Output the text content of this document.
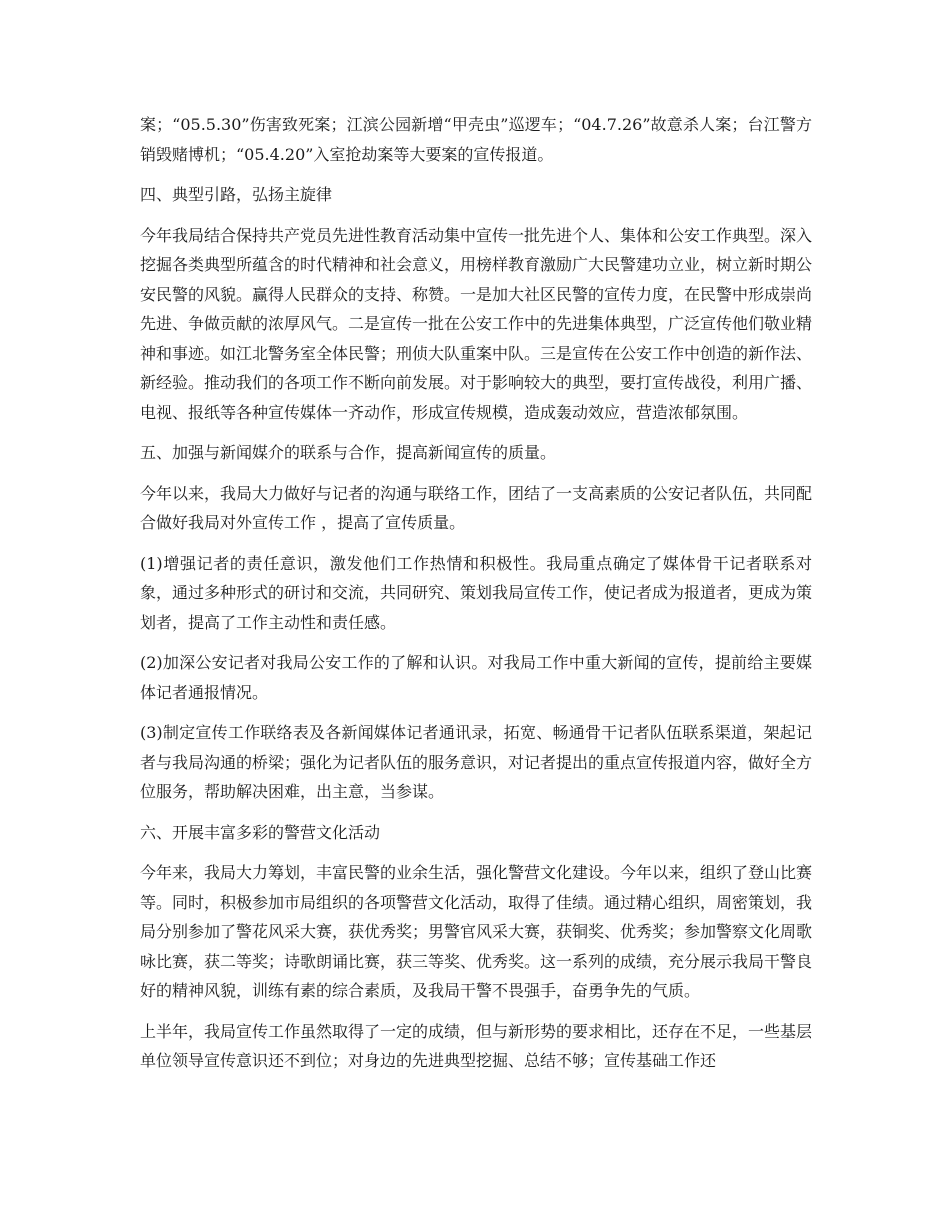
案；“05.5.30”伤害致死案；江滨公园新增“甲壳虫”巡逻车；“04.7.26”故意杀人案；台江警方销毁赌博机；“05.4.20”入室抢劫案等大要案的宣传报道。

四、典型引路，弘扬主旋律

今年我局结合保持共产党员先进性教育活动集中宣传一批先进个人、集体和公安工作典型。深入挖掘各类典型所蕴含的时代精神和社会意义，用榜样教育激励广大民警建功立业，树立新时期公安民警的风貌。赢得人民群众的支持、称赞。一是加大社区民警的宣传力度，在民警中形成崇尚先进、争做贡献的浓厚风气。二是宣传一批在公安工作中的先进集体典型，广泛宣传他们敬业精神和事迹。如江北警务室全体民警；刑侦大队重案中队。三是宣传在公安工作中创造的新作法、新经验。推动我们的各项工作不断向前发展。对于影响较大的典型，要打宣传战役，利用广播、电视、报纸等各种宣传媒体一齐动作，形成宣传规模，造成轰动效应，营造浓郁氛围。

五、加强与新闻媒介的联系与合作，提高新闻宣传的质量。

今年以来，我局大力做好与记者的沟通与联络工作，团结了一支高素质的公安记者队伍，共同配合做好我局对外宣传工作 ，提高了宣传质量。

(1)增强记者的责任意识，激发他们工作热情和积极性。我局重点确定了媒体骨干记者联系对象，通过多种形式的研讨和交流，共同研究、策划我局宣传工作，使记者成为报道者，更成为策划者，提高了工作主动性和责任感。

(2)加深公安记者对我局公安工作的了解和认识。对我局工作中重大新闻的宣传，提前给主要媒体记者通报情况。

(3)制定宣传工作联络表及各新闻媒体记者通讯录，拓宽、畅通骨干记者队伍联系渠道，架起记者与我局沟通的桥梁；强化为记者队伍的服务意识，对记者提出的重点宣传报道内容，做好全方位服务，帮助解决困难，出主意，当参谋。

六、开展丰富多彩的警营文化活动

今年来，我局大力筹划，丰富民警的业余生活，强化警营文化建设。今年以来，组织了登山比赛等。同时，积极参加市局组织的各项警营文化活动，取得了佳绩。通过精心组织，周密策划，我局分别参加了警花风采大赛，获优秀奖；男警官风采大赛，获铜奖、优秀奖；参加警察文化周歌咏比赛，获二等奖；诗歌朗诵比赛，获三等奖、优秀奖。这一系列的成绩，充分展示我局干警良好的精神风貌，训练有素的综合素质，及我局干警不畏强手，奋勇争先的气质。

上半年，我局宣传工作虽然取得了一定的成绩，但与新形势的要求相比，还存在不足，一些基层单位领导宣传意识还不到位；对身边的先进典型挖掘、总结不够；宣传基础工作还
